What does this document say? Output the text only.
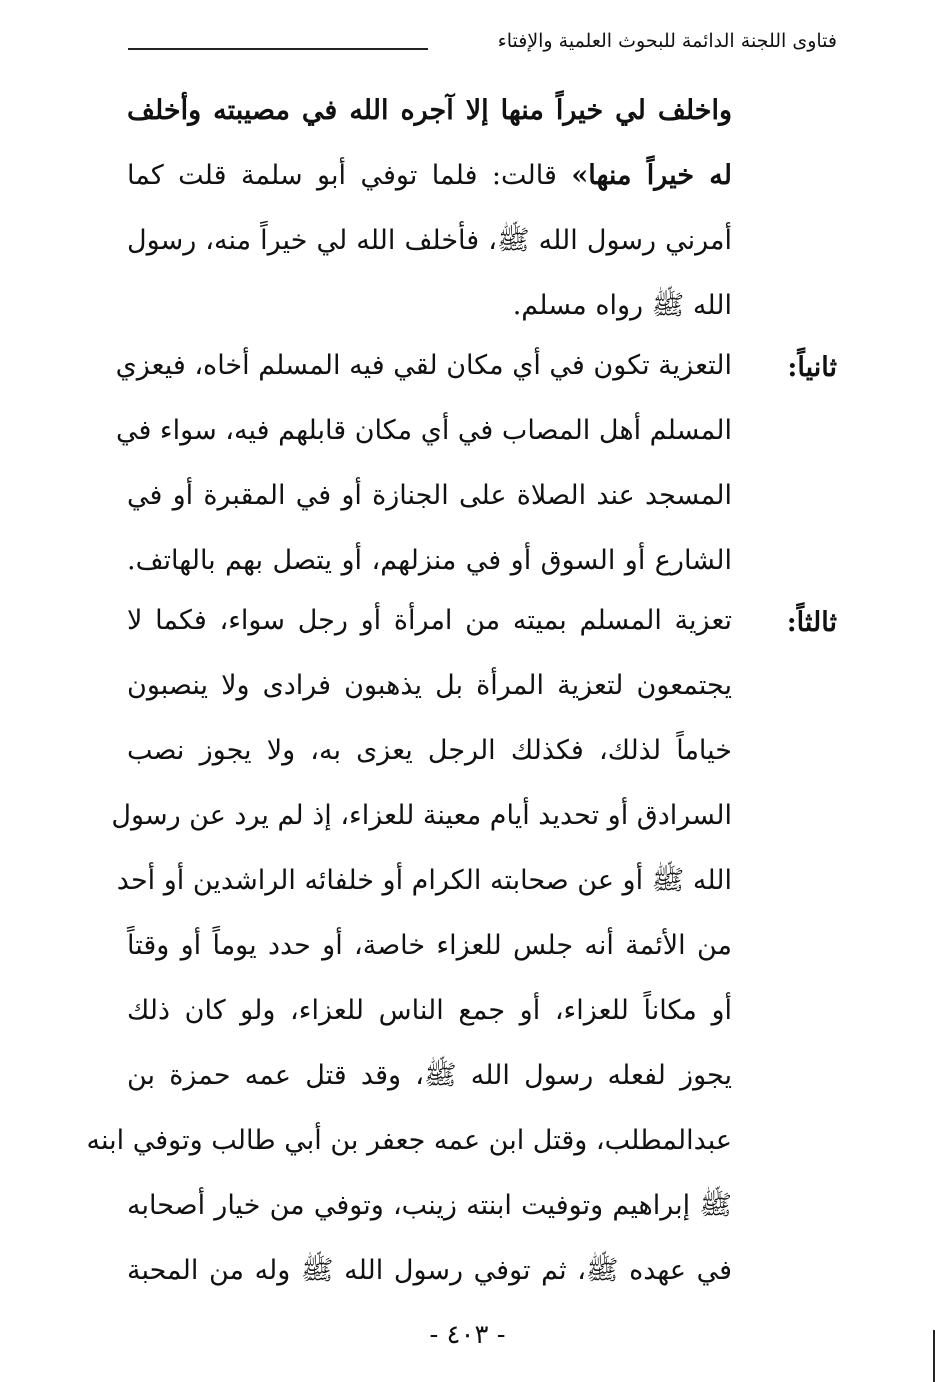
فتاوى اللجنة الدائمة للبحوث العلمية والإفتاء
واخلف لي خيراً منها إلا آجره الله في مصيبته وأخلف
له خيراً منها» قالت: فلما توفي أبو سلمة قلت كما
أمرني رسول الله ﷺ، فأخلف الله لي خيراً منه، رسول
الله ﷺ رواه مسلم.
ثانياً:
التعزية تكون في أي مكان لقي فيه المسلم أخاه، فيعزي
المسلم أهل المصاب في أي مكان قابلهم فيه، سواء في
المسجد عند الصلاة على الجنازة أو في المقبرة أو في
الشارع أو السوق أو في منزلهم، أو يتصل بهم بالهاتف.
ثالثاً:
تعزية المسلم بميته من امرأة أو رجل سواء، فكما لا
يجتمعون لتعزية المرأة بل يذهبون فرادى ولا ينصبون
خياماً لذلك، فكذلك الرجل يعزى به، ولا يجوز نصب
السرادق أو تحديد أيام معينة للعزاء، إذ لم يرد عن رسول
الله ﷺ أو عن صحابته الكرام أو خلفائه الراشدين أو أحد
من الأئمة أنه جلس للعزاء خاصة، أو حدد يوماً أو وقتاً
أو مكاناً للعزاء، أو جمع الناس للعزاء، ولو كان ذلك
يجوز لفعله رسول الله ﷺ، وقد قتل عمه حمزة بن
عبدالمطلب، وقتل ابن عمه جعفر بن أبي طالب وتوفي ابنه
ﷺ إبراهيم وتوفيت ابنته زينب، وتوفي من خيار أصحابه
في عهده ﷺ، ثم توفي رسول الله ﷺ وله من المحبة
- ٤٠٣ -
